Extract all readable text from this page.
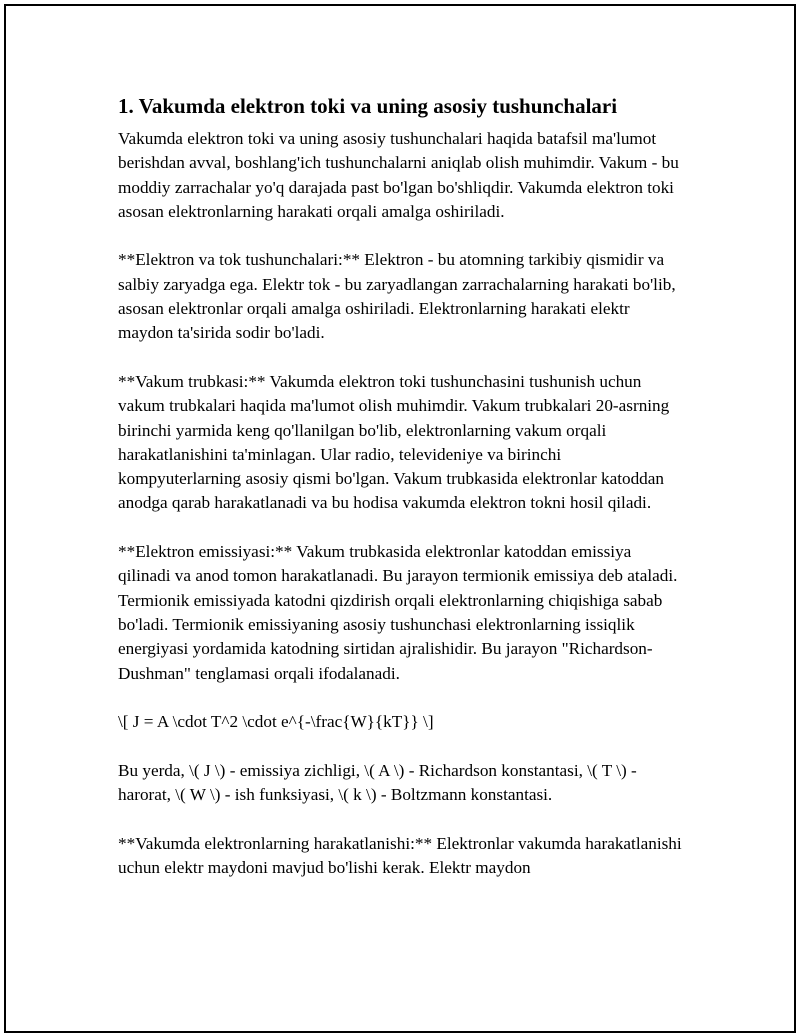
1. Vakumda elektron toki va uning asosiy tushunchalari

Vakumda elektron toki va uning asosiy tushunchalari haqida batafsil ma'lumot berishdan avval, boshlang'ich tushunchalarni aniqlab olish muhimdir. Vakum - bu moddiy zarrachalar yo'q darajada past bo'lgan bo'shliqdir. Vakumda elektron toki asosan elektronlarning harakati orqali amalga oshiriladi.

**Elektron va tok tushunchalari:** Elektron - bu atomning tarkibiy qismidir va salbiy zaryadga ega. Elektr tok - bu zaryadlangan zarrachalarning harakati bo'lib, asosan elektronlar orqali amalga oshiriladi. Elektronlarning harakati elektr maydon ta'sirida sodir bo'ladi.

**Vakum trubkasi:** Vakumda elektron toki tushunchasini tushunish uchun vakum trubkalari haqida ma'lumot olish muhimdir. Vakum trubkalari 20-asrning birinchi yarmida keng qo'llanilgan bo'lib, elektronlarning vakum orqali harakatlanishini ta'minlagan. Ular radio, televideniye va birinchi kompyuterlarning asosiy qismi bo'lgan. Vakum trubkasida elektronlar katoddan anodga qarab harakatlanadi va bu hodisa vakumda elektron tokni hosil qiladi.

**Elektron emissiyasi:** Vakum trubkasida elektronlar katoddan emissiya qilinadi va anod tomon harakatlanadi. Bu jarayon termionik emissiya deb ataladi. Termionik emissiyada katodni qizdirish orqali elektronlarning chiqishiga sabab bo'ladi. Termionik emissiyaning asosiy tushunchasi elektronlarning issiqlik energiyasi yordamida katodning sirtidan ajralishidir. Bu jarayon "Richardson-Dushman" tenglamasi orqali ifodalanadi.

\[ J = A \cdot T^2 \cdot e^{-\frac{W}{kT}} \]

Bu yerda, \( J \) - emissiya zichligi, \( A \) - Richardson konstantasi, \( T \) - harorat, \( W \) - ish funksiyasi, \( k \) - Boltzmann konstantasi.

**Vakumda elektronlarning harakatlanishi:** Elektronlar vakumda harakatlanishi uchun elektr maydoni mavjud bo'lishi kerak. Elektr maydon
